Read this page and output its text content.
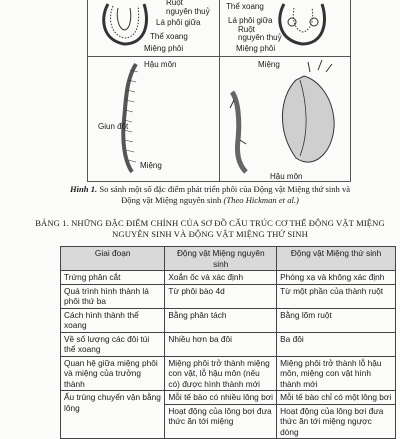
Ruột
nguyên thuỷ
Lá phôi giữa
Thể xoang
Miệng phôi
Thể xoang
Lá phôi giữa
Ruột nguyên thuỷ
Miệng phôi
Hậu môn
Giun đốt
Miệng
Miệng
Hậu môn
Hình 1. So sánh một số đặc điểm phát triển phôi của Động vật Miệng thứ sinh và Động vật Miệng nguyên sinh (Theo Hickman et al.)
BẢNG 1. NHỮNG ĐẶC ĐIỂM CHÍNH CỦA SƠ ĐỒ CẤU TRÚC CƠ THỂ ĐỘNG VẬT MIỆNG NGUYÊN SINH VÀ ĐỘNG VẬT MIỆNG THỨ SINH
Giai đoạn	Động vật Miệng nguyên sinh	Động vật Miệng thứ sinh
Trứng phân cắt	Xoắn ốc và xác định	Phóng xạ và không xác định
Quá trình hình thành lá phôi thứ ba	Từ phôi bào 4d	Từ một phần của thành ruột
Cách hình thành thể xoang	Bằng phân tách	Bằng lõm ruột
Về số lượng các đôi túi thể xoang	Nhiều hơn ba đôi	Ba đôi
Quan hệ giữa miệng phôi và miệng của trưởng thành	Miệng phôi trở thành miệng con vật, lỗ hậu môn (nếu có) được hình thành mới	Miệng phôi trở thành lỗ hậu môn, miệng con vật hình thành mới
Ấu trùng chuyển vận bằng lông	Mỗi tế bào có nhiều lông bơi	Mỗi tế bào chỉ có một lông bơi
	Hoạt động của lông bơi đưa thức ăn tới miệng	Hoạt động của lông bơi đưa thức ăn tới miệng ngược dòng
